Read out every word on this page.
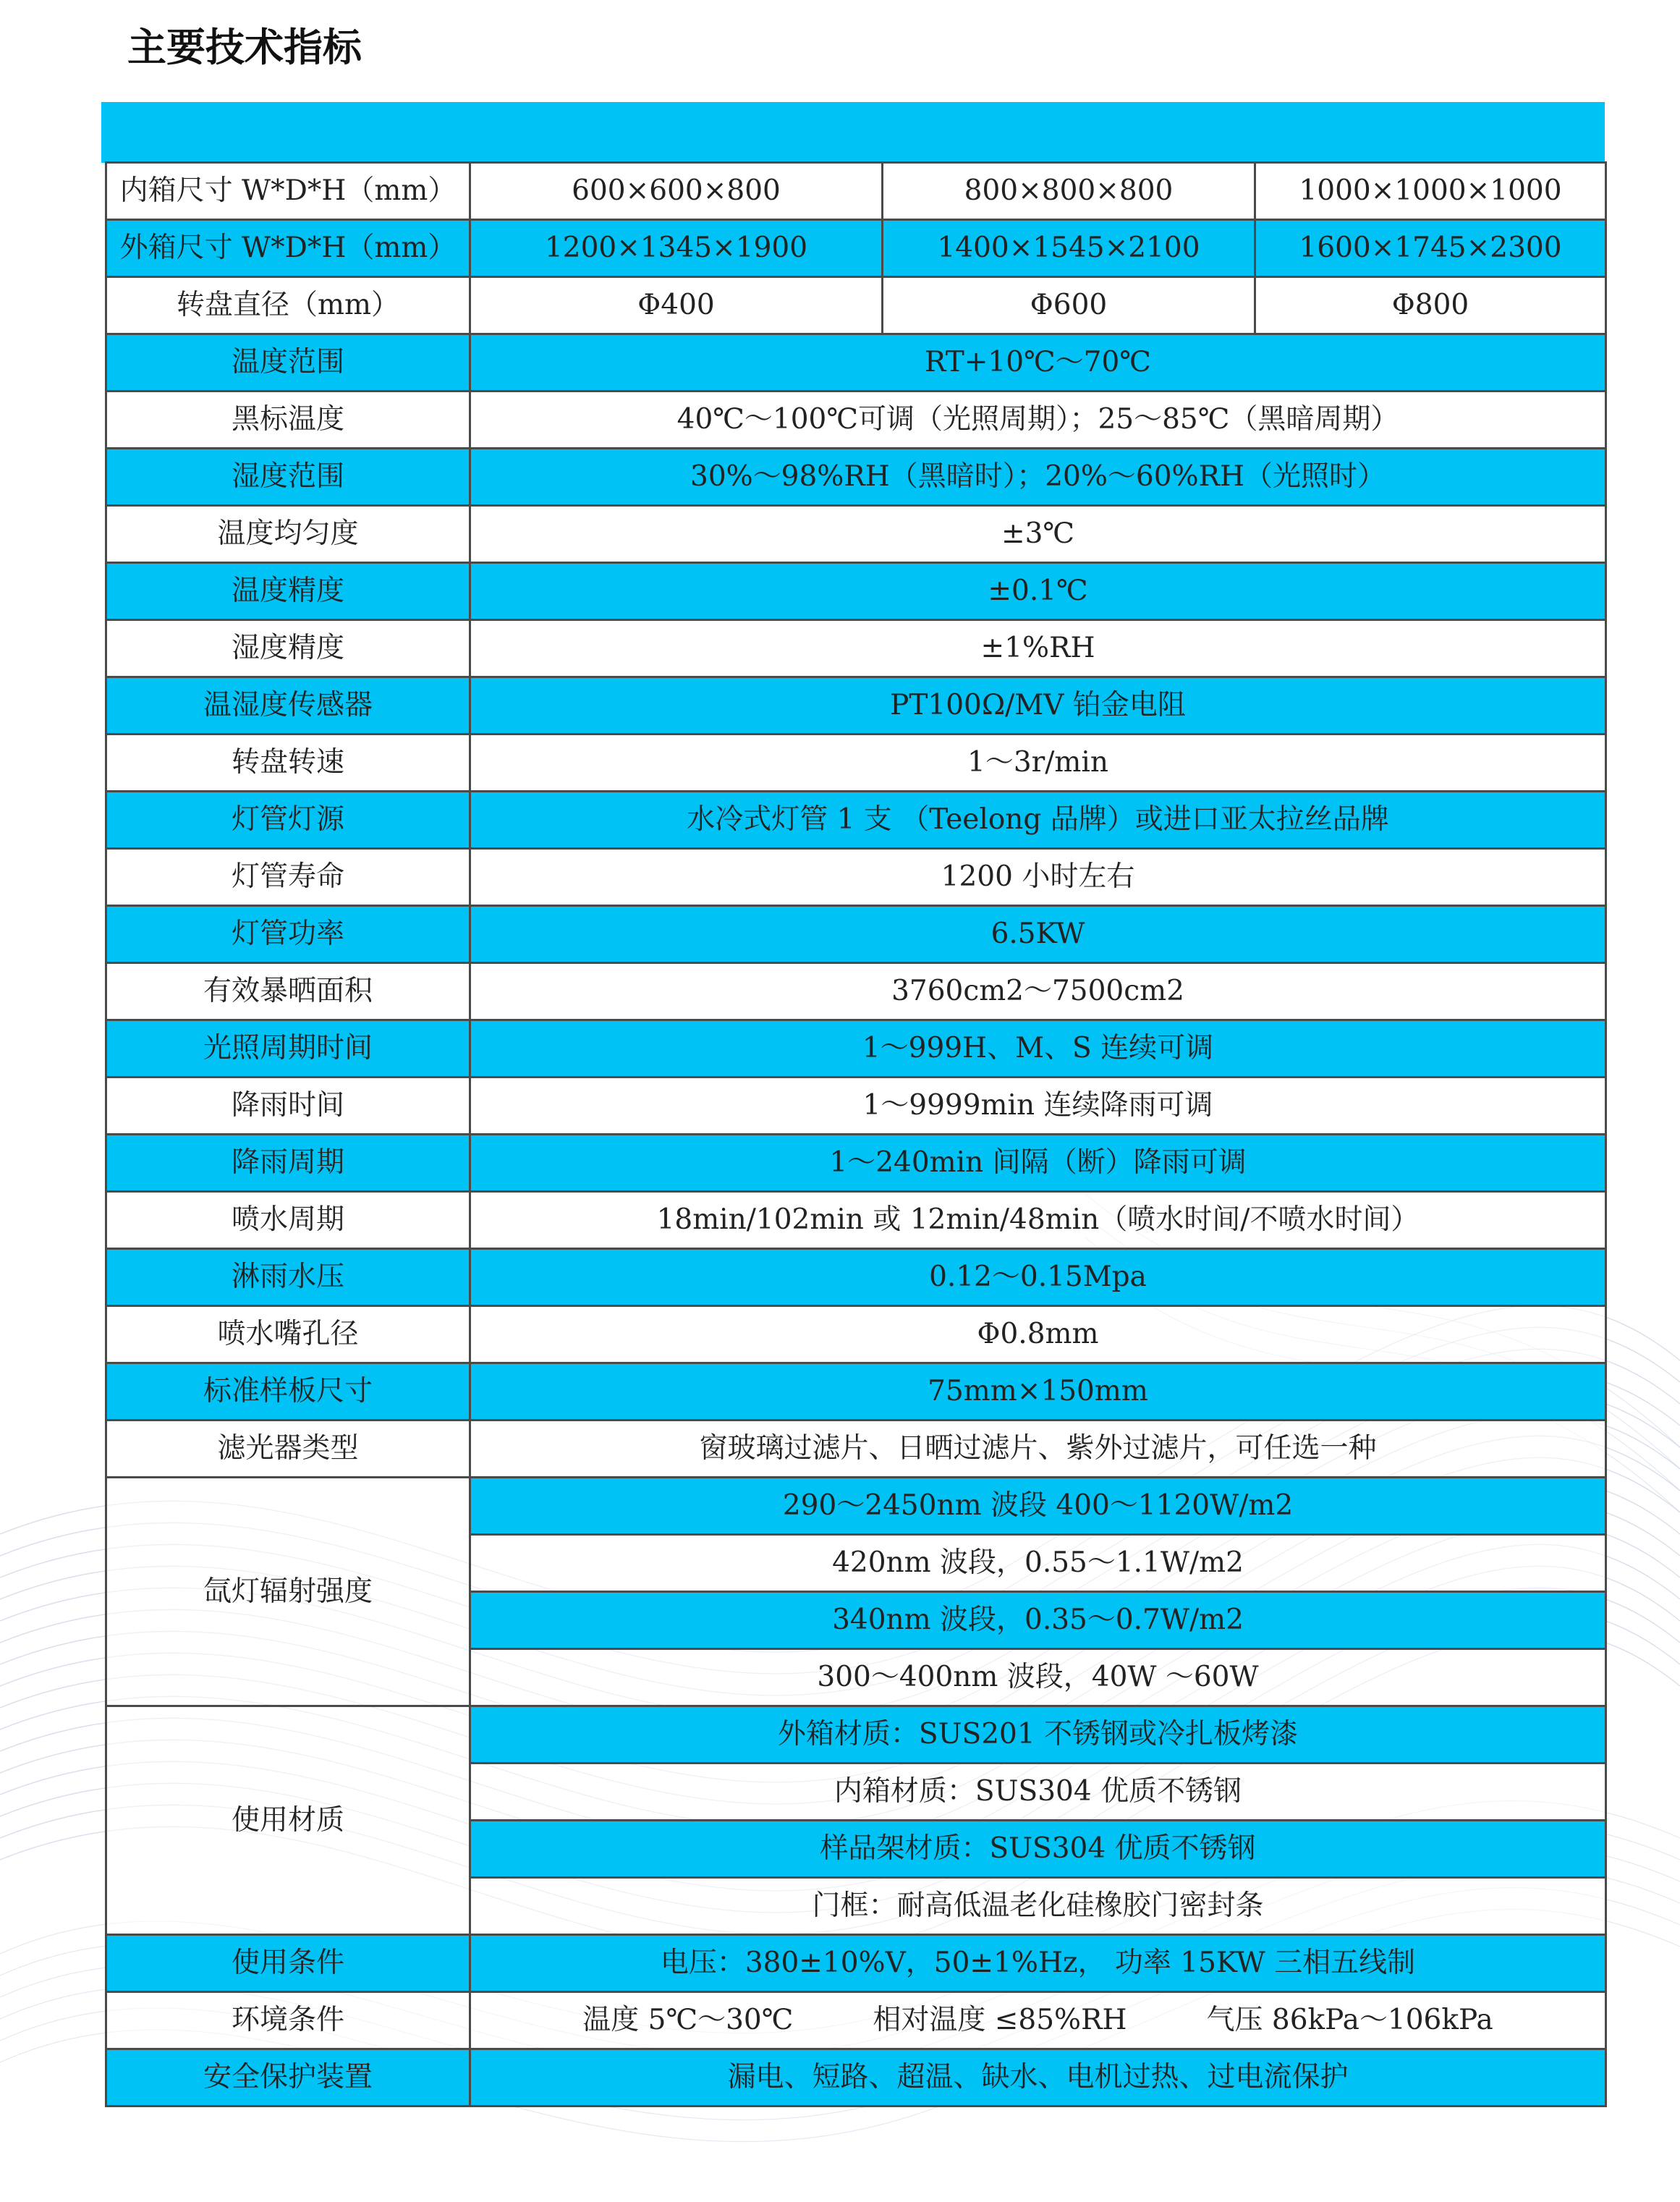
主要技术指标
内箱尺寸 W*D*H（mm）	600×600×800	800×800×800	1000×1000×1000
外箱尺寸 W*D*H（mm）	1200×1345×1900	1400×1545×2100	1600×1745×2300
转盘直径（mm）	Φ400	Φ600	Φ800
温度范围	RT+10℃～70℃		
黑标温度	40℃～100℃可调（光照周期）；25～85℃（黑暗周期）		
湿度范围	30%～98%RH（黑暗时）；20%～60%RH（光照时）		
温度均匀度	±3℃		
温度精度	±0.1℃		
湿度精度	±1%RH		
温湿度传感器	PT100Ω/MV 铂金电阻		
转盘转速	1～3r/min		
灯管灯源	水冷式灯管 1 支 （Teelong 品牌）或进口亚太拉丝品牌		
灯管寿命	1200 小时左右		
灯管功率	6.5KW		
有效暴晒面积	3760cm2～7500cm2		
光照周期时间	1～999H、M、S 连续可调		
降雨时间	1～9999min 连续降雨可调		
降雨周期	1～240min 间隔（断）降雨可调		
喷水周期	18min/102min 或 12min/48min（喷水时间/不喷水时间）		
淋雨水压	0.12～0.15Mpa		
喷水嘴孔径	Φ0.8mm		
标准样板尺寸	75mm×150mm		
滤光器类型	窗玻璃过滤片、日晒过滤片、紫外过滤片，可任选一种		
氙灯辐射强度	290～2450nm 波段 400～1120W/m2		
	420nm 波段，0.55～1.1W/m2		
	340nm 波段，0.35～0.7W/m2		
	300～400nm 波段，40W ～60W		
使用材质	外箱材质：SUS201 不锈钢或冷扎板烤漆		
	内箱材质：SUS304 优质不锈钢		
	样品架材质：SUS304 优质不锈钢		
	门框：耐高低温老化硅橡胶门密封条		
使用条件	电压：380±10%V，50±1%Hz， 功率 15KW 三相五线制		
环境条件	温度 5℃～30℃ 相对温度 ≤85%RH 气压 86kPa～106kPa		
安全保护装置	漏电、短路、超温、缺水、电机过热、过电流保护		
